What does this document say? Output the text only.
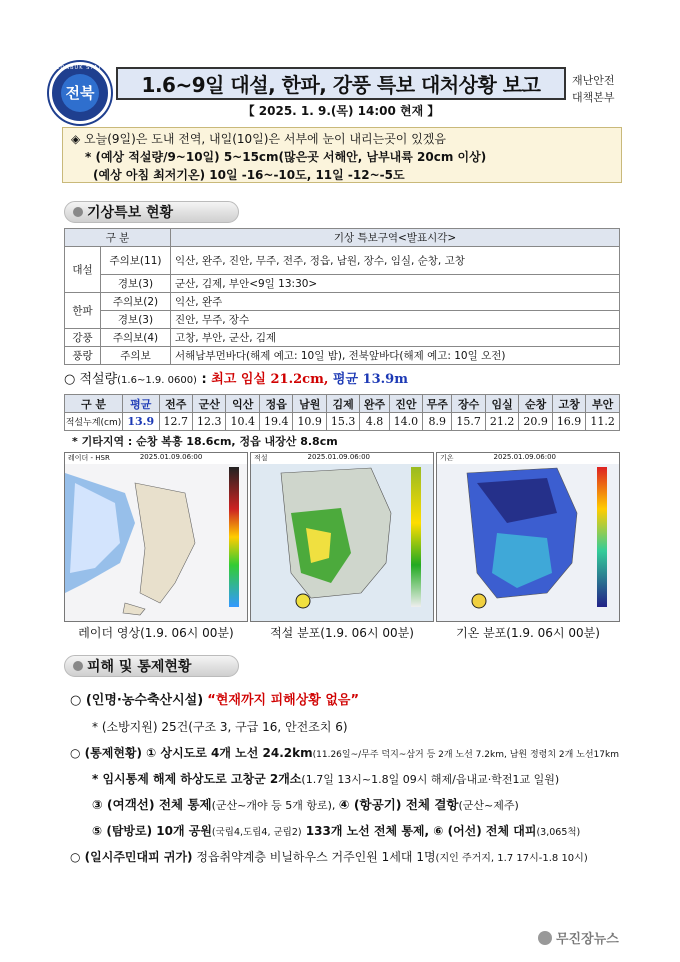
JEONBUK STATE
전북	1.6~9일 대설, 한파, 강풍 특보 대처상황 보고
【 2025. 1. 9.(목) 14:00 현재 】
재난안전
대책본부
◈ 오늘(9일)은 도내 전역, 내일(10일)은 서부에 눈이 내리는곳이 있겠음
* (예상 적설량/9~10일) 5~15cm(많은곳 서해안, 남부내륙 20cm 이상)
(예상 아침 최저기온) 10일 -16~-10도, 11일 -12~-5도
기상특보 현황
구 분		기상 특보구역<발표시각>
대설	주의보(11)	익산, 완주, 진안, 무주, 전주, 정읍, 남원, 장수, 임실, 순창, 고창
	경보(3)	군산, 김제, 부안<9일 13:30>
한파	주의보(2)	익산, 완주
	경보(3)	진안, 무주, 장수
강풍	주의보(4)	고창, 부안, 군산, 김제
풍랑	주의보	서해남부먼바다(해제 예고: 10일 밤), 전북앞바다(해제 예고: 10일 오전)
○ 적설량(1.6~1.9. 0600) : 최고 임실 21.2cm, 평균 13.9m
구 분	평균	전주	군산	익산	정읍	남원	김제	완주	진안	무주	장수	임실	순창	고창	부안
적설누계(cm)	13.9	12.7	12.3	10.4	19.4	10.9	15.3	4.8	14.0	8.9	15.7	21.2	20.9	16.9	11.2
* 기타지역 : 순창 복흥 18.6cm, 정읍 내장산 8.8cm
레이더 - HSR	2025.01.09.06:00	적설	2025.01.09.06:00	기온	2025.01.09.06:00
레이더 영상(1.9. 06시 00분)	적설 분포(1.9. 06시 00분)	기온 분포(1.9. 06시 00분)
피해 및 통제현황
○ (인명·농수축산시설) “현재까지 피해상황 없음”
* (소방지원) 25건(구조 3, 구급 16, 안전조치 6)
○ (통제현황) ① 상시도로 4개 노선 24.2km(11.26일~/무주 덕지~삼거 등 2개 노선 7.2km, 남원 정령치 2개 노선17km
* 임시통제 해제 하상도로 고창군 2개소(1.7일 13시~1.8일 09시 해제/읍내교·학전1교 일원)
③ (여객선) 전체 통제(군산~개야 등 5개 항로), ④ (항공기) 전체 결항(군산~제주)
⑤ (탐방로) 10개 공원(국립4,도립4, 군립2) 133개 노선 전체 통제, ⑥ (어선) 전체 대피(3,065척)
○ (일시주민대피 귀가) 정읍취약계층 비닐하우스 거주인원 1세대 1명(지인 주거지, 1.7 17시-1.8 10시)
무진장뉴스
